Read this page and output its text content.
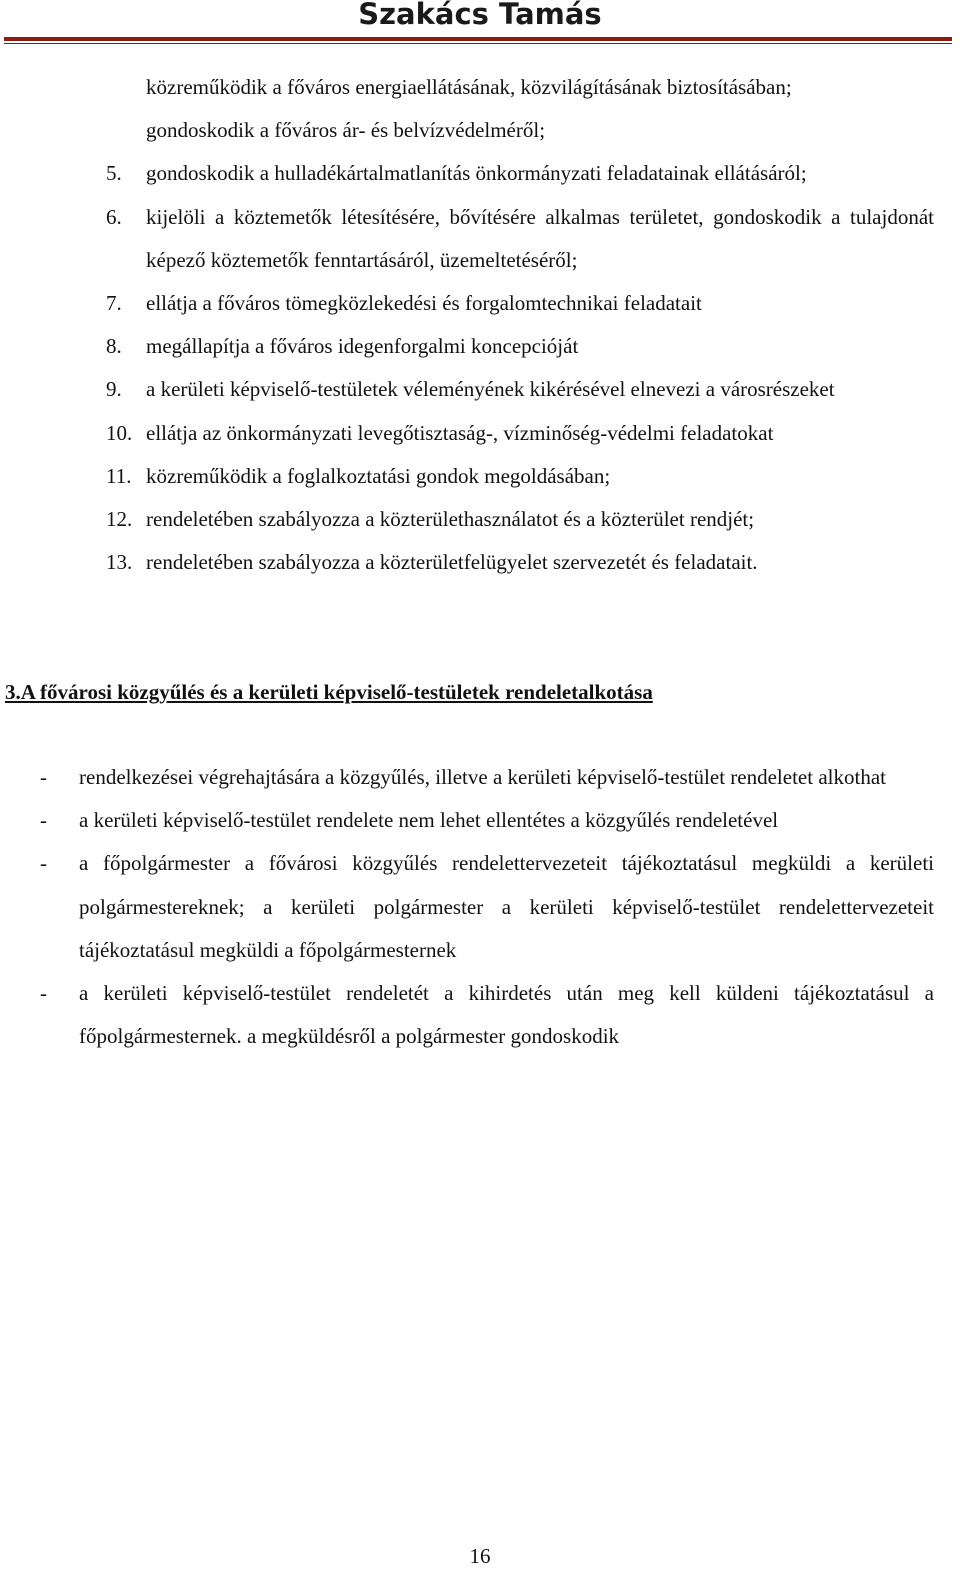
Szakács Tamás
közreműködik a főváros energiaellátásának, közvilágításának biztosításában;
gondoskodik a főváros ár- és belvízvédelméről;
5.	gondoskodik a hulladékártalmatlanítás önkormányzati feladatainak ellátásáról;
6.	kijelöli a köztemetők létesítésére, bővítésére alkalmas területet, gondoskodik a tulajdonát képező köztemetők fenntartásáról, üzemeltetéséről;
7.	ellátja a főváros tömegközlekedési és forgalomtechnikai feladatait
8.	megállapítja a főváros idegenforgalmi koncepcióját
9.	a kerületi képviselő-testületek véleményének kikérésével elnevezi a városrészeket
10. ellátja az önkormányzati levegőtisztaság-, vízminőség-védelmi feladatokat
11. közreműködik a foglalkoztatási gondok megoldásában;
12. rendeletében szabályozza a közterülethasználatot és a közterület rendjét;
13. rendeletében szabályozza a közterületfelügyelet szervezetét és feladatait.
3.A fővárosi közgyűlés és a kerületi képviselő-testületek rendeletalkotása
- rendelkezései végrehajtására a közgyűlés, illetve a kerületi képviselő-testület rendeletet alkothat
- a kerületi képviselő-testület rendelete nem lehet ellentétes a közgyűlés rendeletével
- a főpolgármester a fővárosi közgyűlés rendelettervezeteit tájékoztatásul megküldi a kerületi polgármestereknek; a kerületi polgármester a kerületi képviselő-testület rendelettervezeteit tájékoztatásul megküldi a főpolgármesternek
- a kerületi képviselő-testület rendeletét a kihirdetés után meg kell küldeni tájékoztatásul a főpolgármesternek. a megküldésről a polgármester gondoskodik
16
